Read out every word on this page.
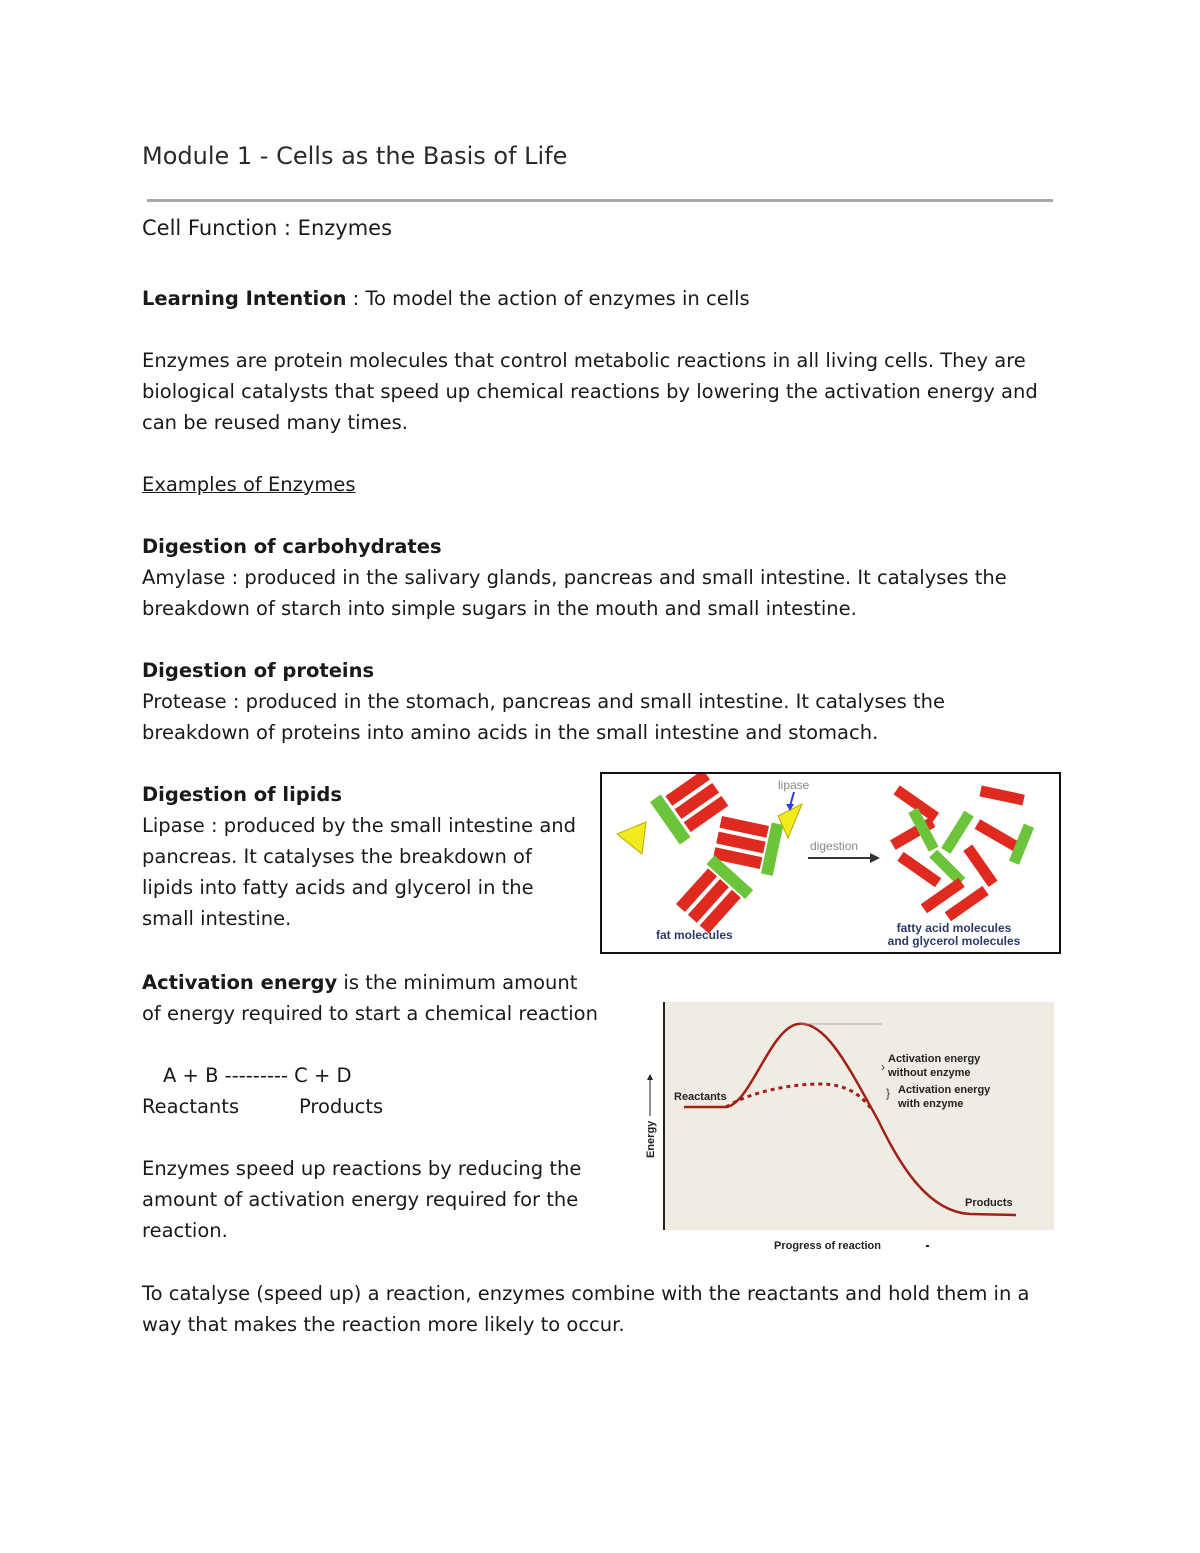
Module 1 - Cells as the Basis of Life
Cell Function : Enzymes
Learning Intention : To model the action of enzymes in cells
Enzymes are protein molecules that control metabolic reactions in all living cells. They are
biological catalysts that speed up chemical reactions by lowering the activation energy and
can be reused many times.
Examples of Enzymes
Digestion of carbohydrates
Amylase : produced in the salivary glands, pancreas and small intestine. It catalyses the
breakdown of starch into simple sugars in the mouth and small intestine.
Digestion of proteins
Protease : produced in the stomach, pancreas and small intestine. It catalyses the
breakdown of proteins into amino acids in the small intestine and stomach.
Digestion of lipids
Lipase : produced by the small intestine and
pancreas. It catalyses the breakdown of
lipids into fatty acids and glycerol in the
small intestine.
lipase
digestion
fat molecules	fatty acid molecules
and glycerol molecules
Activation energy is the minimum amount
of energy required to start a chemical reaction
A + B --------- C + D
Reactants	Products
Enzymes speed up reactions by reducing the
amount of activation energy required for the
reaction.
Energy
›
Activation energy
without enzyme
} Activation energy
with enzyme
Reactants
Products
Progress of reaction
To catalyse (speed up) a reaction, enzymes combine with the reactants and hold them in a
way that makes the reaction more likely to occur.
